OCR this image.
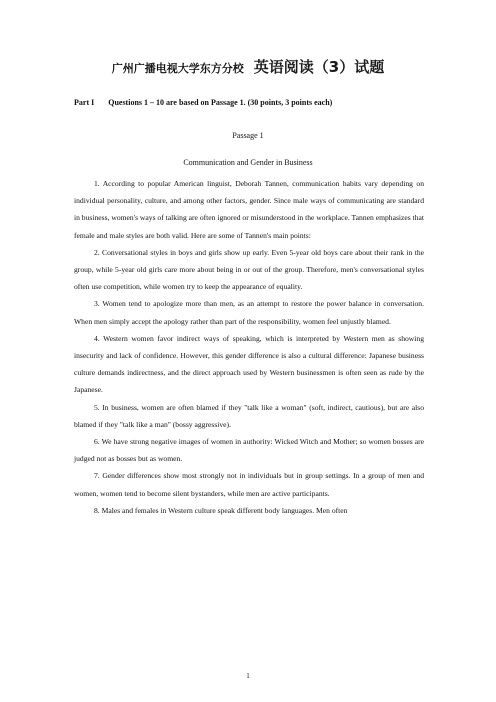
广州广播电视大学东方分校 英语阅读（3）试题
Part I Questions 1 – 10 are based on Passage 1. (30 points, 3 points each)
Passage 1
Communication and Gender in Business

1. According to popular American linguist, Deborah Tannen, communication habits vary depending on individual personality, culture, and among other factors, gender. Since male ways of communicating are standard in business, women's ways of talking are often ignored or misunderstood in the workplace. Tannen emphasizes that female and male styles are both valid. Here are some of Tannen's main points:

2. Conversational styles in boys and girls show up early. Even 5-year old boys care about their rank in the group, while 5-year old girls care more about being in or out of the group. Therefore, men's conversational styles often use competition, while women try to keep the appearance of equality.

3. Women tend to apologize more than men, as an attempt to restore the power balance in conversation. When men simply accept the apology rather than part of the responsibility, women feel unjustly blamed.

4. Western women favor indirect ways of speaking, which is interpreted by Western men as showing insecurity and lack of confidence. However, this gender difference is also a cultural difference: Japanese business culture demands indirectness, and the direct approach used by Western businessmen is often seen as rude by the Japanese.

5. In business, women are often blamed if they "talk like a woman" (soft, indirect, cautious), but are also blamed if they "talk like a man" (bossy aggressive).

6. We have strong negative images of women in authority: Wicked Witch and Mother; so women bosses are judged not as bosses but as women.

7. Gender differences show most strongly not in individuals but in group settings. In a group of men and women, women tend to become silent bystanders, while men are active participants.

8. Males and females in Western culture speak different body languages. Men often

1
